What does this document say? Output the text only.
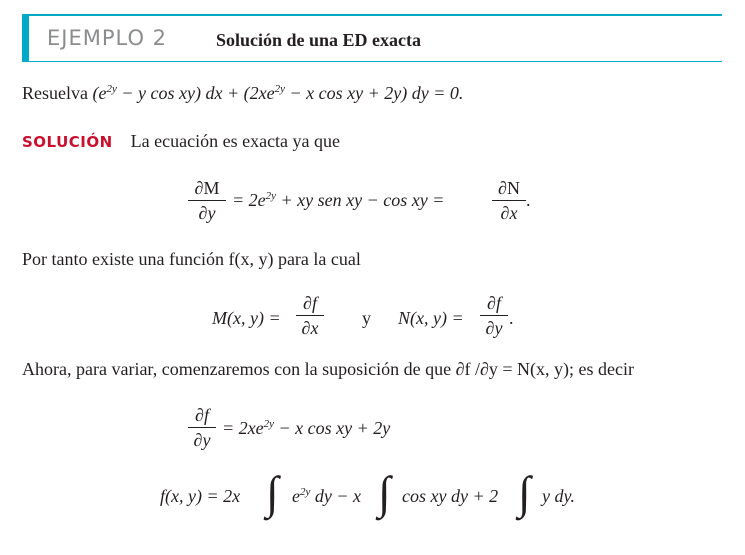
EJEMPLO 2	Solución de una ED exacta
Resuelva ($e^{2y} - y$ cos xy) dx + ($2xe^{2y} - x$ cos xy + 2y) dy = 0.
SOLUCIÓN La ecuación es exacta ya que
∂M
∂y
= $2e^{2y}$ + xy sen xy − cos xy =
∂N
∂x
.
Por tanto existe una función f(x, y) para la cual
M(x, y) =
∂f
∂x	y N(x, y) =
∂f
∂y .
Ahora, para variar, comenzaremos con la suposición de que ∂f /∂y = N(x, y); es decir
∂f
∂y
= $2xe^{2y} - x$ cos xy + 2y
f(x, y) = 2x ∫ $e^{2y}$ dy − x ∫ cos xy dy + 2 ∫ y dy.
